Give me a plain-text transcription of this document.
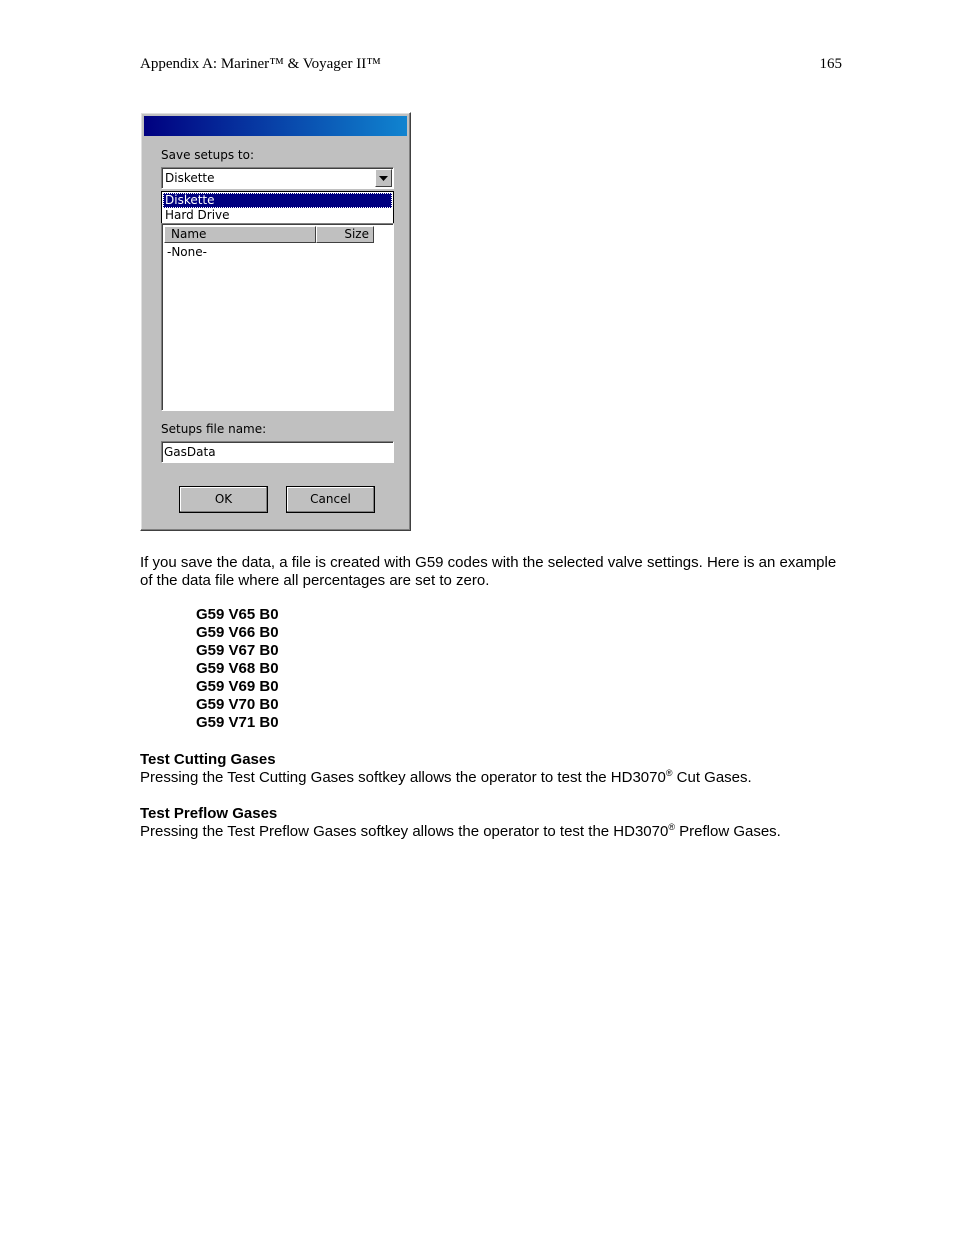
Appendix A: Mariner™ & Voyager II™	165
Save setups to:
Diskette
Diskette
Hard Drive
Name	Size
-None-
Setups file name:
GasData
OK	Cancel
If you save the data, a file is created with G59 codes with the selected valve settings. Here is an example of the data file where all percentages are set to zero.
G59 V65 B0
G59 V66 B0
G59 V67 B0
G59 V68 B0
G59 V69 B0
G59 V70 B0
G59 V71 B0
Test Cutting Gases
Pressing the Test Cutting Gases softkey allows the operator to test the HD3070® Cut Gases.
Test Preflow Gases
Pressing the Test Preflow Gases softkey allows the operator to test the HD3070® Preflow Gases.
